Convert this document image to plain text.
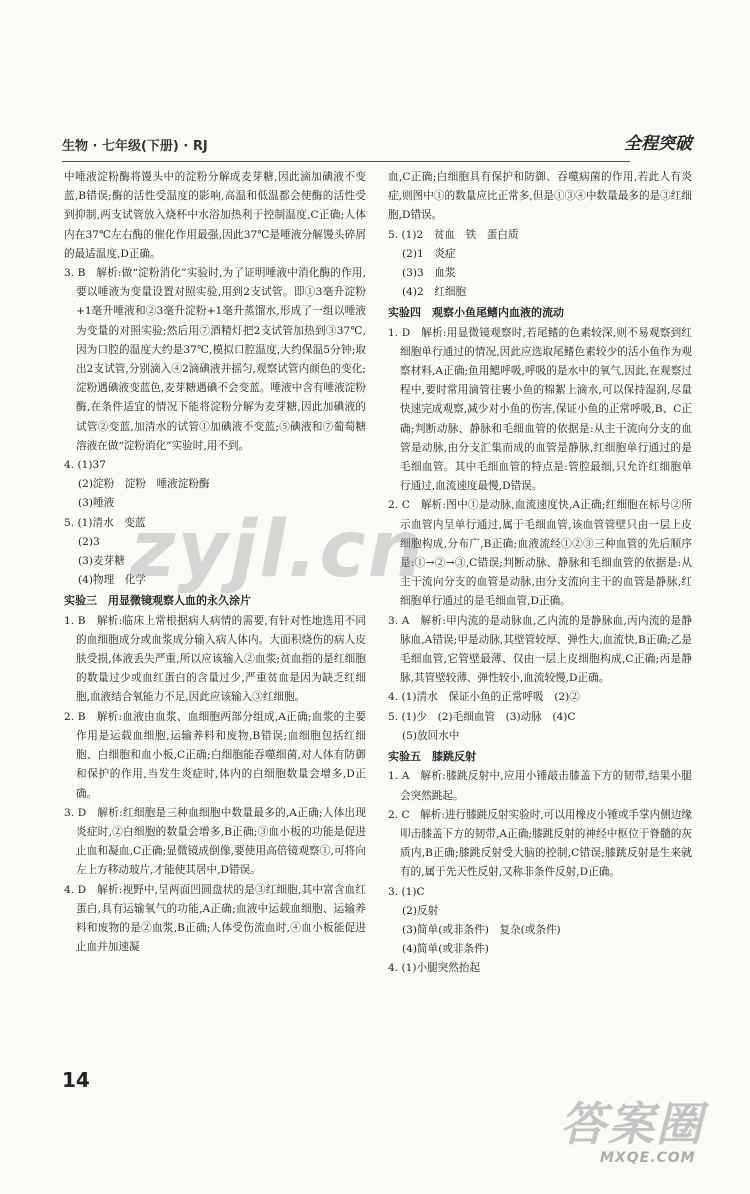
生物 · 七年级(下册) · RJ	全程突破

中唾液淀粉酶将馒头中的淀粉分解成麦芽糖,因此滴加碘液不变蓝,B错误;酶的活性受温度的影响,高温和低温都会使酶的活性受到抑制,两支试管放入烧杯中水浴加热利于控制温度,C正确;人体内在37℃左右酶的催化作用最强,因此37℃是唾液分解馒头碎屑的最适温度,D正确。

3. B　解析:做“淀粉消化”实验时,为了证明唾液中消化酶的作用,要以唾液为变量设置对照实验,用到2支试管。即①3毫升淀粉+1毫升唾液和②3毫升淀粉+1毫升蒸馏水,形成了一组以唾液为变量的对照实验;然后用⑦酒精灯把2支试管加热到③37℃,因为口腔的温度大约是37℃,模拟口腔温度,大约保温5分钟;取出2支试管,分别滴入④2滴碘液并摇匀,观察试管内颜色的变化;淀粉遇碘液变蓝色,麦芽糖遇碘不会变蓝。唾液中含有唾液淀粉酶,在条件适宜的情况下能将淀粉分解为麦芽糖,因此加碘液的试管②变蓝,加清水的试管①加碘液不变蓝;⑤碘液和⑦葡萄糖溶液在做“淀粉消化”实验时,用不到。

4. (1)37

(2)淀粉　淀粉　唾液淀粉酶

(3)唾液

5. (1)清水　变蓝

(2)3

(3)麦芽糖

(4)物理　化学

实验三　用显微镜观察人血的永久涂片

1. B　解析:临床上常根据病人病情的需要,有针对性地选用不同的血细胞成分或血浆成分输入病人体内。大面积烧伤的病人皮肤受损,体液丢失严重,所以应该输入②血浆;贫血指的是红细胞的数量过少或血红蛋白的含量过少,严重贫血是因为缺乏红细胞,血液结合氧能力不足,因此应该输入③红细胞。

2. B　解析:血液由血浆、血细胞两部分组成,A正确;血浆的主要作用是运载血细胞,运输养料和废物,B错误;血细胞包括红细胞、白细胞和血小板,C正确;白细胞能吞噬细菌,对人体有防御和保护的作用,当发生炎症时,体内的白细胞数量会增多,D正确。

3. D　解析:红细胞是三种血细胞中数量最多的,A正确;人体出现炎症时,②白细胞的数量会增多,B正确;③血小板的功能是促进止血和凝血,C正确;显微镜成倒像,要使用高倍镜观察①,可将向左上方移动玻片,才能使其居中,D错误。

4. D　解析:视野中,呈两面凹圆盘状的是③红细胞,其中富含血红蛋白,具有运输氧气的功能,A正确;血液中运载血细胞、运输养料和废物的是②血浆,B正确;人体受伤流血时,④血小板能促进止血并加速凝

血,C正确;白细胞具有保护和防御、吞噬病菌的作用,若此人有炎症,则图中①的数量应比正常多,但是①③④中数量最多的是③红细胞,D错误。

5. (1)2　贫血　铁　蛋白质

(2)1　炎症

(3)3　血浆

(4)2　红细胞

实验四　观察小鱼尾鳍内血液的流动

1. D　解析:用显微镜观察时,若尾鳍的色素较深,则不易观察到红细胞单行通过的情况,因此应选取尾鳍色素较少的活小鱼作为观察材料,A正确;鱼用鳃呼吸,呼吸的是水中的氧气,因此,在观察过程中,要时常用滴管往裹小鱼的棉絮上滴水,可以保持湿润,尽量快速完成观察,减少对小鱼的伤害,保证小鱼的正常呼吸,B、C正确;判断动脉、静脉和毛细血管的依据是:从主干流向分支的血管是动脉,由分支汇集而成的血管是静脉,红细胞单行通过的是毛细血管。其中毛细血管的特点是:管腔最细,只允许红细胞单行通过,血流速度最慢,D错误。

2. C　解析:图中①是动脉,血流速度快,A正确;红细胞在标号②所示血管内呈单行通过,属于毛细血管,该血管管壁只由一层上皮细胞构成,分布广,B正确;血液流经①②③三种血管的先后顺序是:①→②→③,C错误;判断动脉、静脉和毛细血管的依据是:从主干流向分支的血管是动脉,由分支流向主干的血管是静脉,红细胞单行通过的是毛细血管,D正确。

3. A　解析:甲内流的是动脉血,乙内流的是静脉血,丙内流的是静脉血,A错误;甲是动脉,其壁管较厚、弹性大,血流快,B正确;乙是毛细血管,它管壁最薄、仅由一层上皮细胞构成,C正确;丙是静脉,其管壁较薄、弹性较小,血流较慢,D正确。

4. (1)清水　保证小鱼的正常呼吸　(2)②

5. (1)少　(2)毛细血管　(3)动脉　(4)C

(5)放回水中

实验五　膝跳反射

1. A　解析:膝跳反射中,应用小锤敲击膝盖下方的韧带,结果小腿会突然跳起。

2. C　解析:进行膝跳反射实验时,可以用橡皮小锤或手掌内侧边缘叩击膝盖下方的韧带,A正确;膝跳反射的神经中枢位于脊髓的灰质内,B正确;膝跳反射受大脑的控制,C错误;膝跳反射是生来就有的,属于先天性反射,又称非条件反射,D正确。

3. (1)C

(2)反射

(3)简单(或非条件)　复杂(或条件)

(4)简单(或非条件)

4. (1)小腿突然抬起

14
zyjl.cn
答案圈
MXQE.COM
